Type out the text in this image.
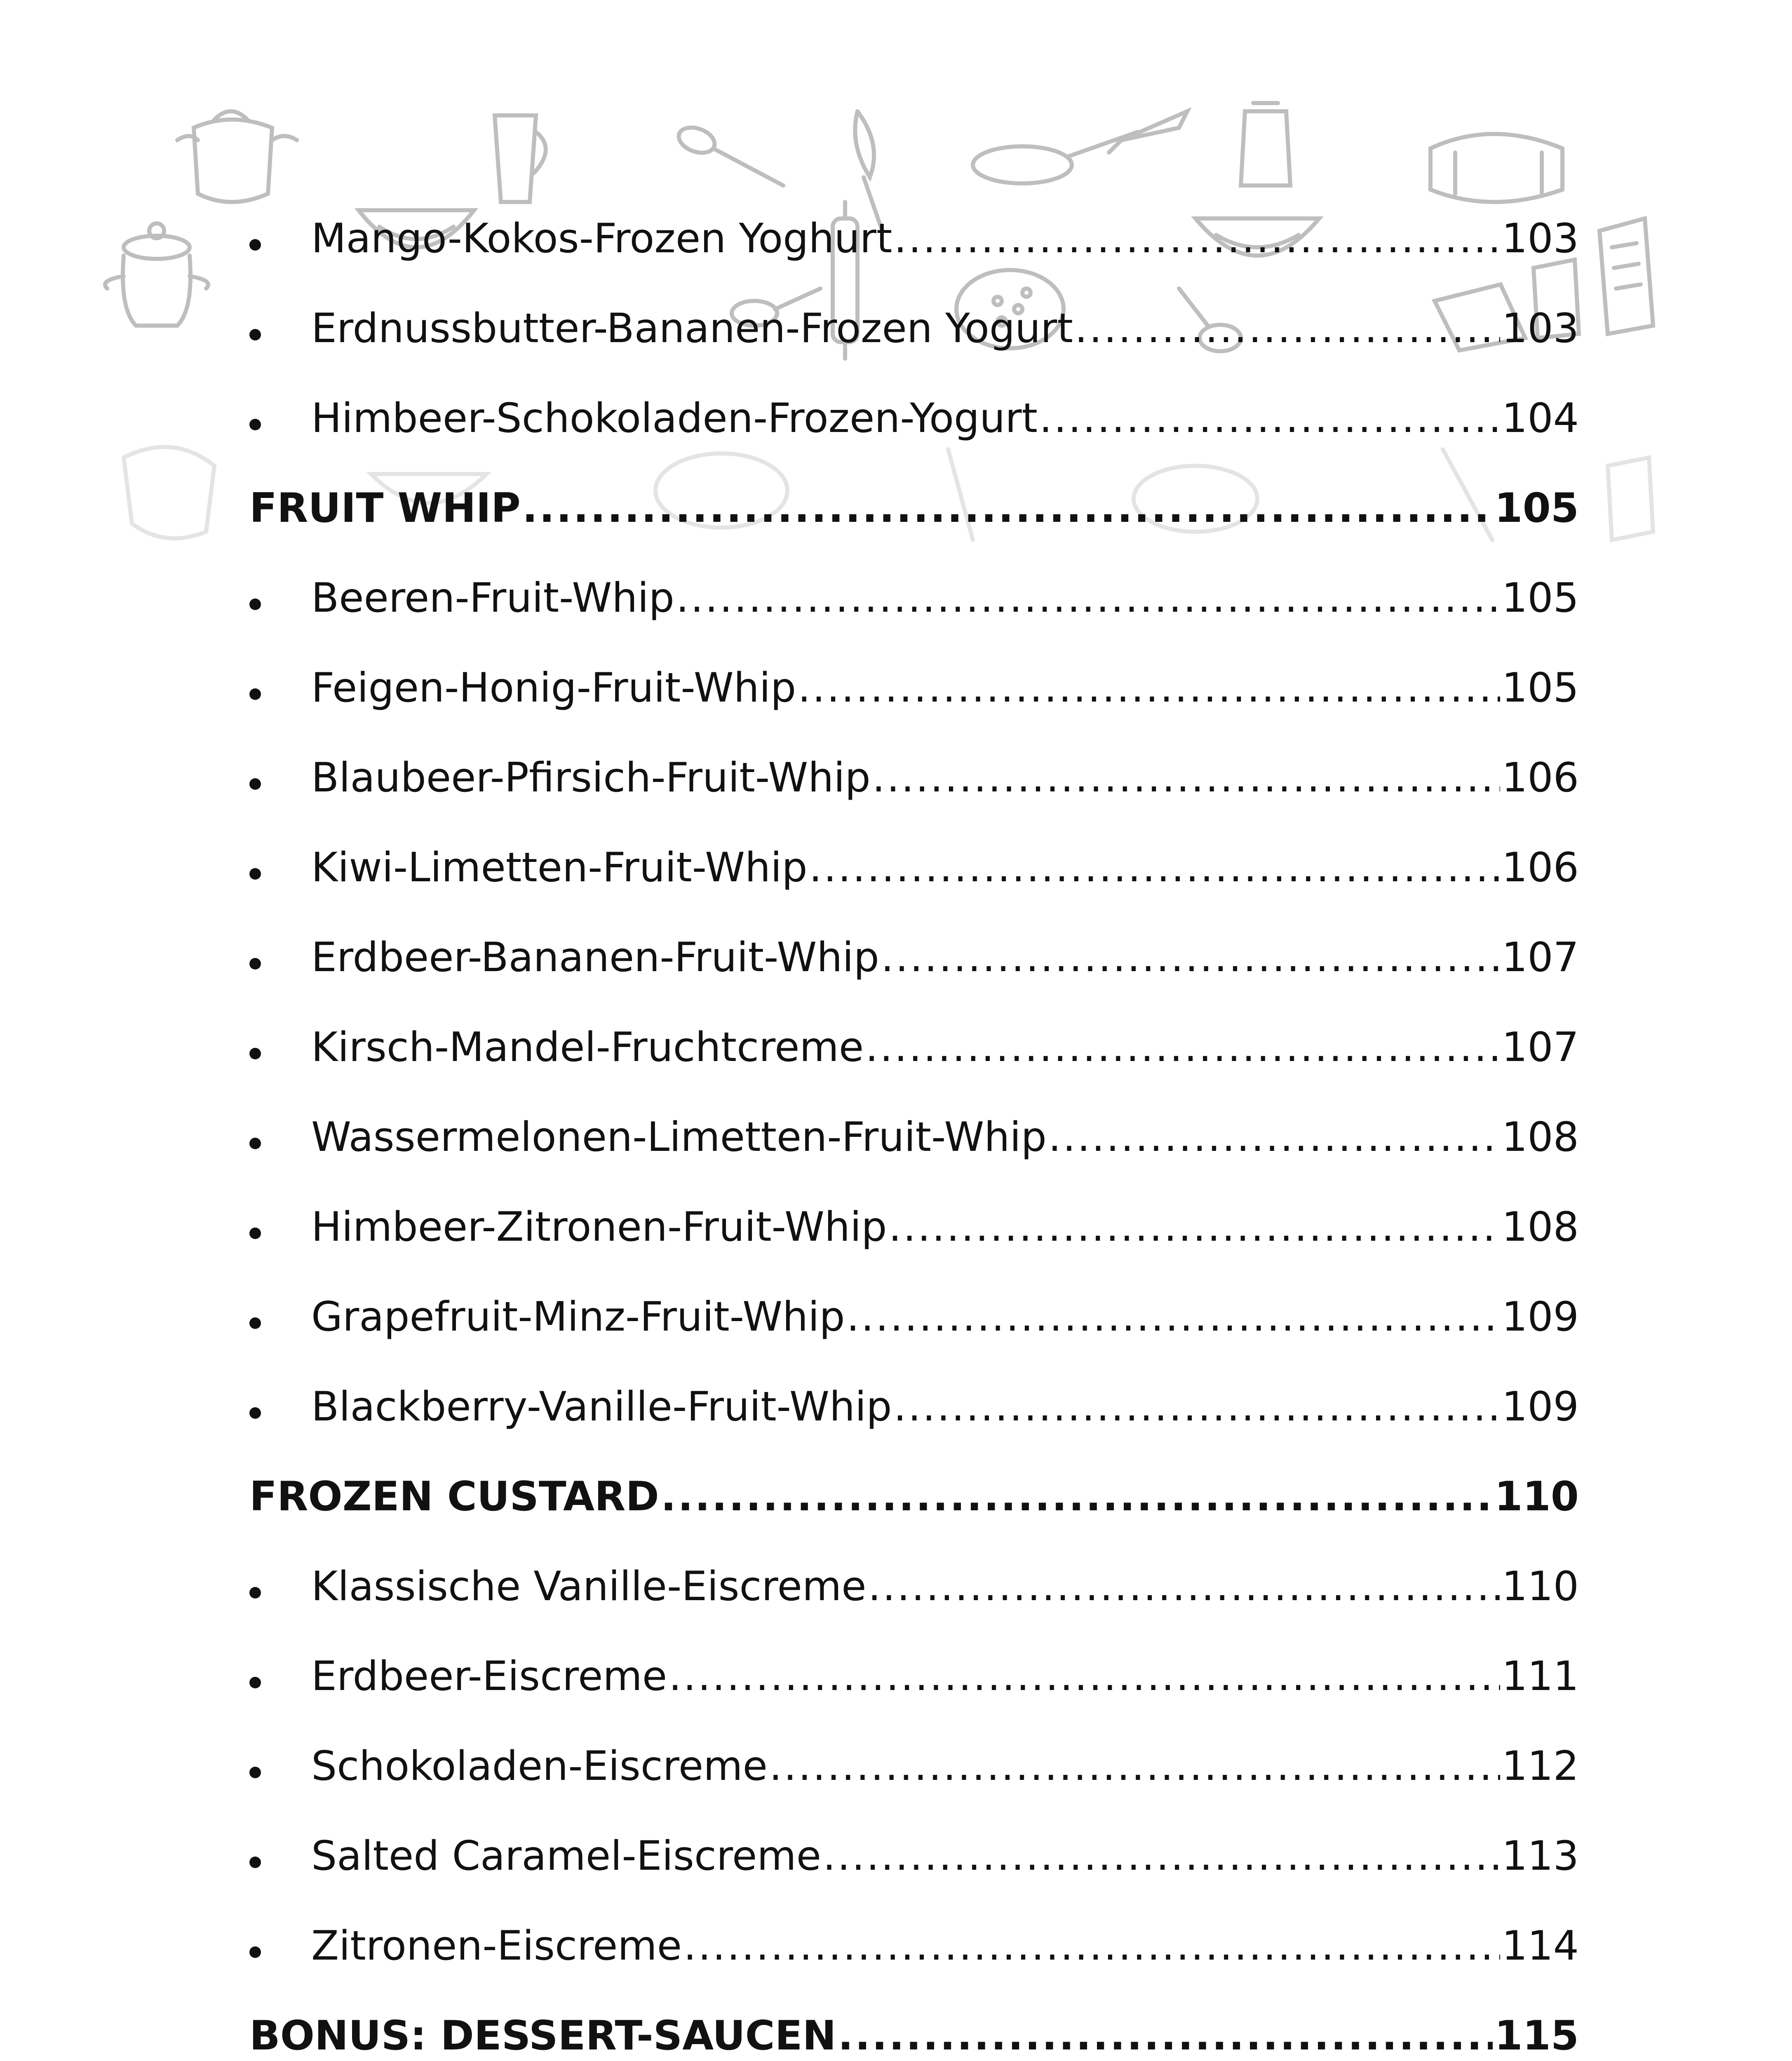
Mango-Kokos-Frozen Yoghurt .....	103
Erdnussbutter-Bananen-Frozen Yogurt .....	103
Himbeer-Schokoladen-Frozen-Yogurt .....	104
FRUIT WHIP .....	105
Beeren-Fruit-Whip .....	105
Feigen-Honig-Fruit-Whip .....	105
Blaubeer-Pfirsich-Fruit-Whip .....	106
Kiwi-Limetten-Fruit-Whip .....	106
Erdbeer-Bananen-Fruit-Whip .....	107
Kirsch-Mandel-Fruchtcreme .....	107
Wassermelonen-Limetten-Fruit-Whip .....	108
Himbeer-Zitronen-Fruit-Whip .....	108
Grapefruit-Minz-Fruit-Whip .....	109
Blackberry-Vanille-Fruit-Whip .....	109
FROZEN CUSTARD .....	110
Klassische Vanille-Eiscreme .....	110
Erdbeer-Eiscreme .....	111
Schokoladen-Eiscreme .....	112
Salted Caramel-Eiscreme .....	113
Zitronen-Eiscreme .....	114
BONUS: DESSERT-SAUCEN .....	115
